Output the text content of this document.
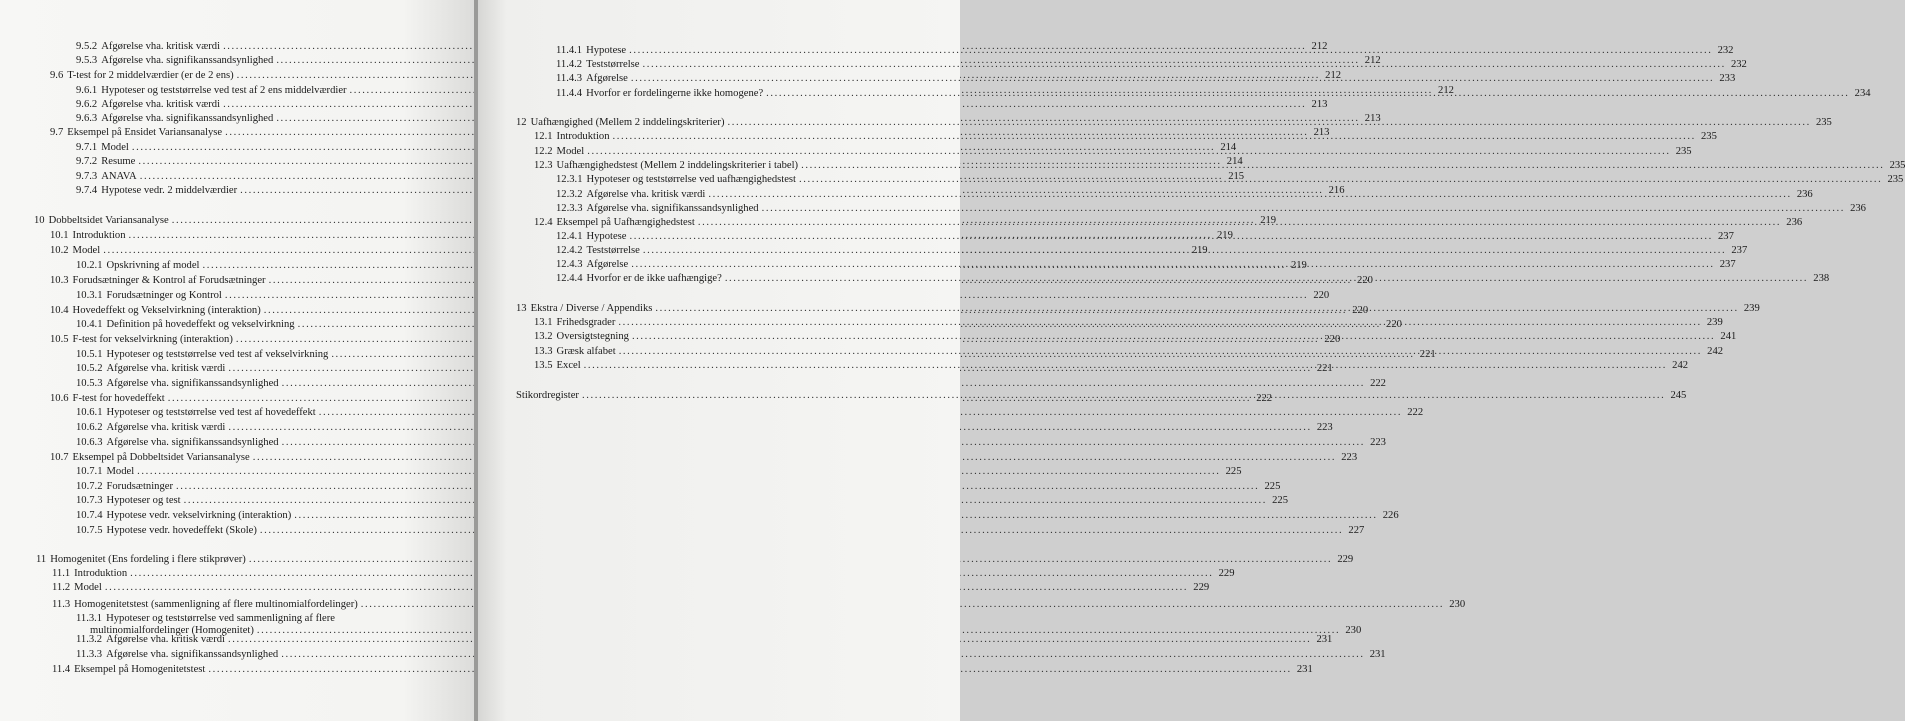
9.5.2 Afgørelse vha. kritisk værdi .....	212
9.5.3 Afgørelse vha. signifikanssandsynlighed .....	212
9.6 T-test for 2 middelværdier (er de 2 ens) .....	212
9.6.1 Hypoteser og teststørrelse ved test af 2 ens middelværdier .....	212
9.6.2 Afgørelse vha. kritisk værdi .....	213
9.6.3 Afgørelse vha. signifikanssandsynlighed .....	213
9.7 Eksempel på Ensidet Variansanalyse .....	213
9.7.1 Model .....	214
9.7.2 Resume .....	214
9.7.3 ANAVA .....	215
9.7.4 Hypotese vedr. 2 middelværdier .....	216
10 Dobbeltsidet Variansanalyse .....	219
10.1 Introduktion .....	219
10.2 Model .....	219
10.2.1 Opskrivning af model .....	219
10.3 Forudsætninger & Kontrol af Forudsætninger .....	220
10.3.1 Forudsætninger og Kontrol .....	220
10.4 Hovedeffekt og Vekselvirkning (interaktion) .....	220
10.4.1 Definition på hovedeffekt og vekselvirkning .....	220
10.5 F-test for vekselvirkning (interaktion) .....	220
10.5.1 Hypoteser og teststørrelse ved test af vekselvirkning .....	221
10.5.2 Afgørelse vha. kritisk værdi .....	221
10.5.3 Afgørelse vha. signifikanssandsynlighed .....	222
10.6 F-test for hovedeffekt .....	222
10.6.1 Hypoteser og teststørrelse ved test af hovedeffekt .....	222
10.6.2 Afgørelse vha. kritisk værdi .....	223
10.6.3 Afgørelse vha. signifikanssandsynlighed .....	223
10.7 Eksempel på Dobbeltsidet Variansanalyse .....	223
10.7.1 Model .....	225
10.7.2 Forudsætninger .....	225
10.7.3 Hypoteser og test .....	225
10.7.4 Hypotese vedr. vekselvirkning (interaktion) .....	226
10.7.5 Hypotese vedr. hovedeffekt (Skole) .....	227
11 Homogenitet (Ens fordeling i flere stikprøver) .....	229
11.1 Introduktion .....	229
11.2 Model .....	229
11.3 Homogenitetstest (sammenligning af flere multinomialfordelinger) .....	230
11.3.1 Hypoteser og teststørrelse ved sammenligning af flere
multinomialfordelinger (Homogenitet) .....	230
11.3.2 Afgørelse vha. kritisk værdi .....	231
11.3.3 Afgørelse vha. signifikanssandsynlighed .....	231
11.4 Eksempel på Homogenitetstest .....	231
11.4.1 Hypotese .....	232
11.4.2 Teststørrelse .....	232
11.4.3 Afgørelse .....	233
11.4.4 Hvorfor er fordelingerne ikke homogene? .....	234
12 Uafhængighed (Mellem 2 inddelingskriterier) .....	235
12.1 Introduktion .....	235
12.2 Model .....	235
12.3 Uafhængighedstest (Mellem 2 inddelingskriterier i tabel) .....	235
12.3.1 Hypoteser og teststørrelse ved uafhængighedstest .....	235
12.3.2 Afgørelse vha. kritisk værdi .....	236
12.3.3 Afgørelse vha. signifikanssandsynlighed .....	236
12.4 Eksempel på Uafhængighedstest .....	236
12.4.1 Hypotese .....	237
12.4.2 Teststørrelse .....	237
12.4.3 Afgørelse .....	237
12.4.4 Hvorfor er de ikke uafhængige? .....	238
13 Ekstra / Diverse / Appendiks .....	239
13.1 Frihedsgrader .....	239
13.2 Oversigtstegning .....	241
13.3 Græsk alfabet .....	242
13.5 Excel .....	242
Stikordregister .....	245
